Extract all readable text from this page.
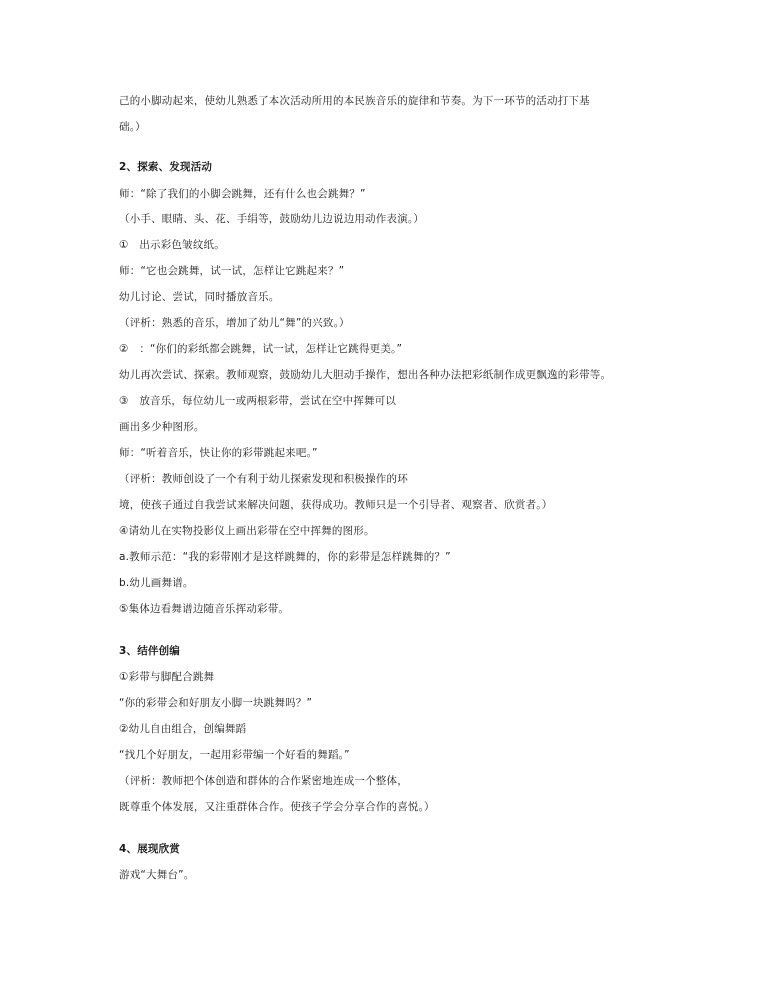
己的小脚动起来，使幼儿熟悉了本次活动所用的本民族音乐的旋律和节奏。为下一环节的活动打下基
础。）
2、探索、发现活动
师：“除了我们的小脚会跳舞，还有什么也会跳舞？”
（小手、眼睛、头、花、手绢等，鼓励幼儿边说边用动作表演。）
①　出示彩色皱纹纸。
师：“它也会跳舞，试一试，怎样让它跳起来？”
幼儿讨论、尝试，同时播放音乐。
（评析：熟悉的音乐，增加了幼儿“舞”的兴致。）
②　：“你们的彩纸都会跳舞，试一试，怎样让它跳得更美。”
幼儿再次尝试、探索。教师观察，鼓励幼儿大胆动手操作，想出各种办法把彩纸制作成更飘逸的彩带等。
③　放音乐，每位幼儿一或两根彩带，尝试在空中挥舞可以
画出多少种图形。
师：“听着音乐，快让你的彩带跳起来吧。”
（评析：教师创设了一个有利于幼儿探索发现和积极操作的环
境，使孩子通过自我尝试来解决问题，获得成功。教师只是一个引导者、观察者、欣赏者。）
④请幼儿在实物投影仪上画出彩带在空中挥舞的图形。
a.教师示范：“我的彩带刚才是这样跳舞的，你的彩带是怎样跳舞的？”
b.幼儿画舞谱。
⑤集体边看舞谱边随音乐挥动彩带。
3、结伴创编
①彩带与脚配合跳舞
“你的彩带会和好朋友小脚一块跳舞吗？”
②幼儿自由组合，创编舞蹈
“找几个好朋友，一起用彩带编一个好看的舞蹈。”
（评析：教师把个体创造和群体的合作紧密地连成一个整体，
既尊重个体发展，又注重群体合作。使孩子学会分享合作的喜悦。）
4、展现欣赏
游戏“大舞台”。
